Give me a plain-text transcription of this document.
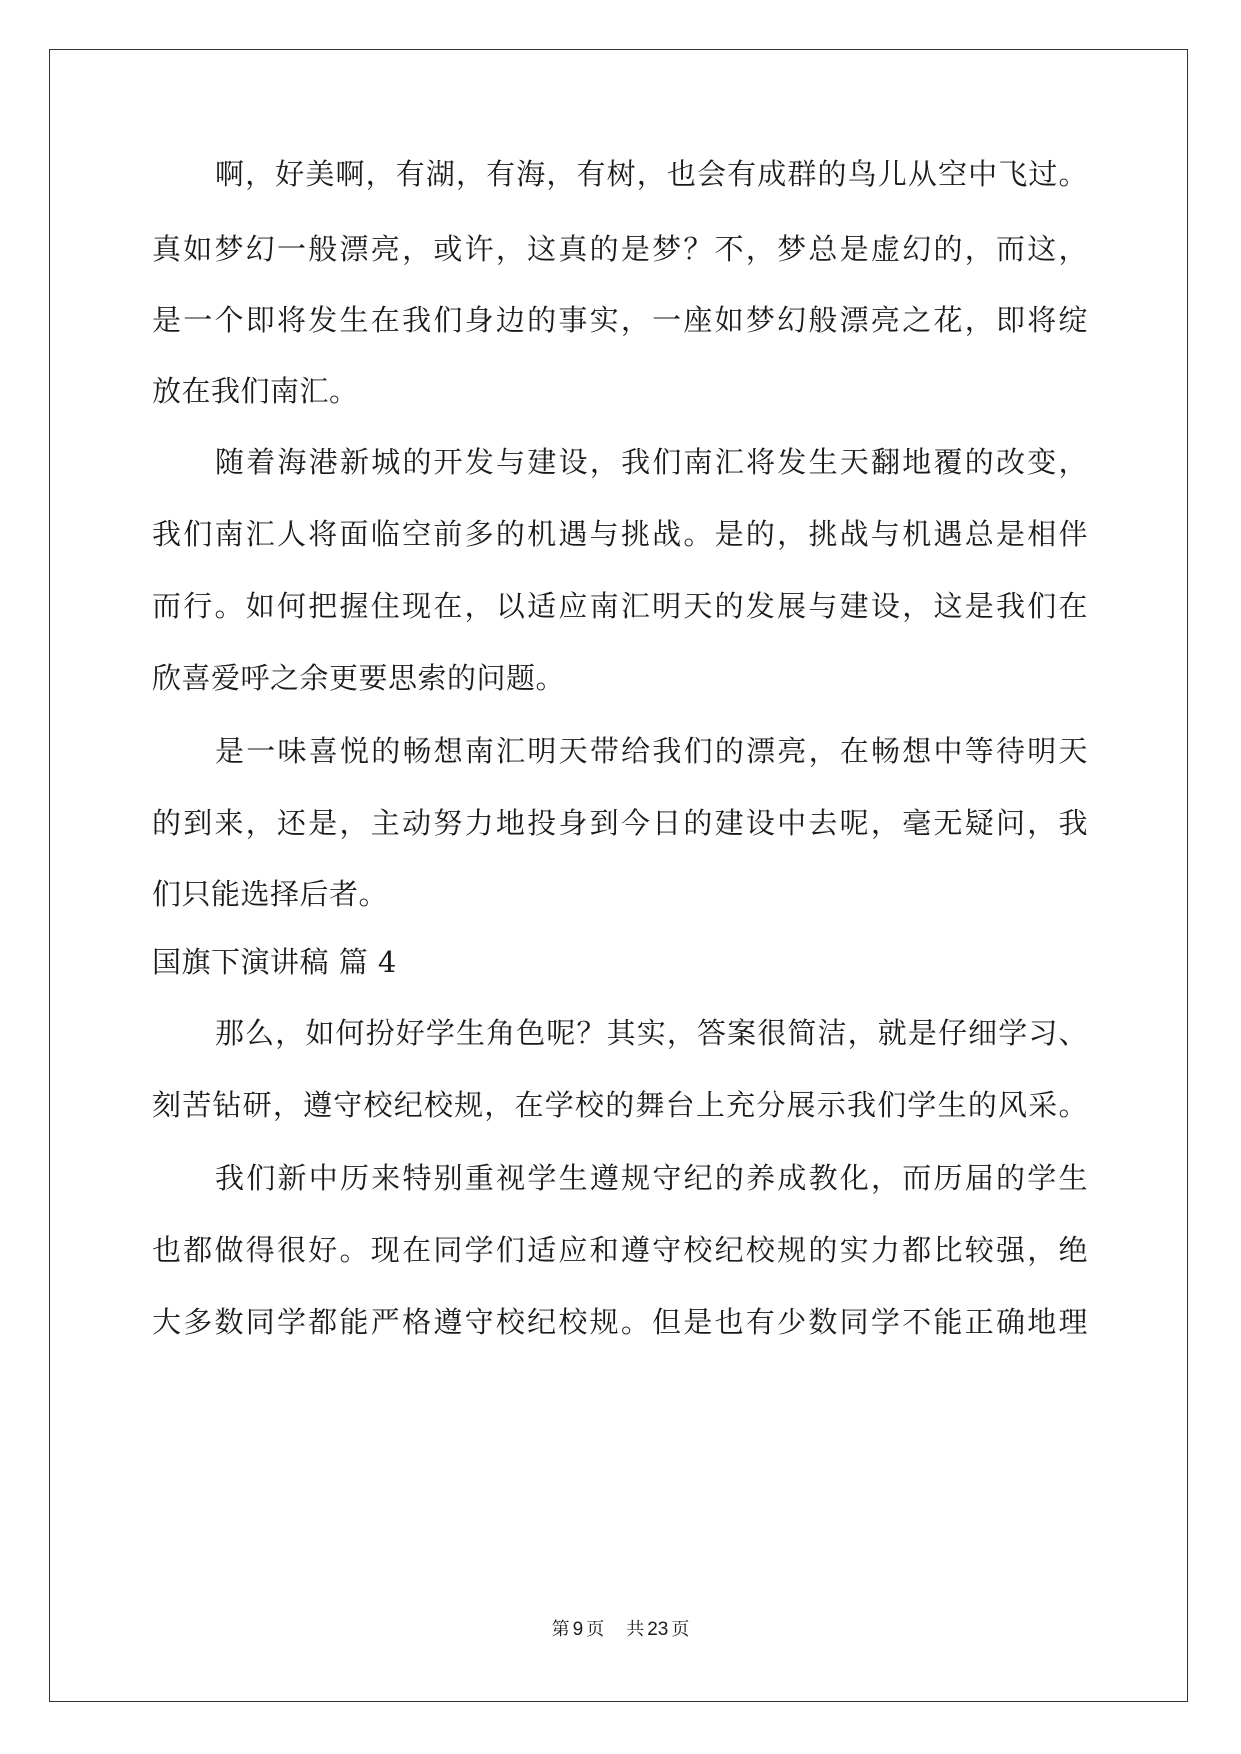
啊，好美啊，有湖，有海，有树，也会有成群的鸟儿从空中飞过。
真如梦幻一般漂亮，或许，这真的是梦？不，梦总是虚幻的，而这，
是一个即将发生在我们身边的事实，一座如梦幻般漂亮之花，即将绽
放在我们南汇。
随着海港新城的开发与建设，我们南汇将发生天翻地覆的改变，
我们南汇人将面临空前多的机遇与挑战。是的，挑战与机遇总是相伴
而行。如何把握住现在，以适应南汇明天的发展与建设，这是我们在
欣喜爱呼之余更要思索的问题。
是一味喜悦的畅想南汇明天带给我们的漂亮，在畅想中等待明天
的到来，还是，主动努力地投身到今日的建设中去呢，毫无疑问，我
们只能选择后者。
国旗下演讲稿 篇 4
那么，如何扮好学生角色呢？其实，答案很简洁，就是仔细学习、
刻苦钻研，遵守校纪校规，在学校的舞台上充分展示我们学生的风采。
我们新中历来特别重视学生遵规守纪的养成教化，而历届的学生
也都做得很好。现在同学们适应和遵守校纪校规的实力都比较强，绝
大多数同学都能严格遵守校纪校规。但是也有少数同学不能正确地理
第 9 页 共 23 页
